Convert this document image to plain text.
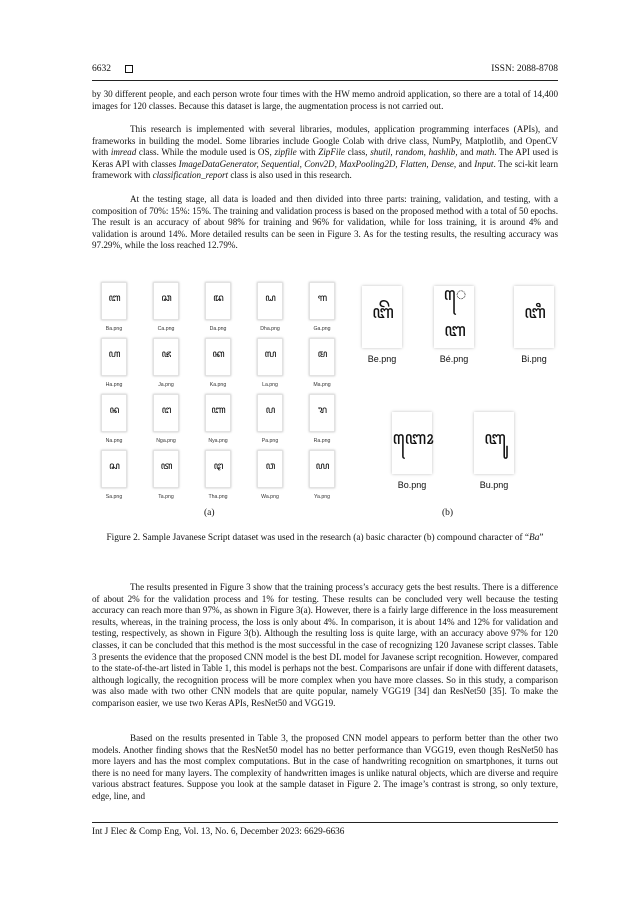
6632	ISSN: 2088-8708

by 30 different people, and each person wrote four times with the HW memo android application, so there are a total of 14,400 images for 120 classes. Because this dataset is large, the augmentation process is not carried out.

This research is implemented with several libraries, modules, application programming interfaces (APIs), and frameworks in building the model. Some libraries include Google Colab with drive class, NumPy, Matplotlib, and OpenCV with imread class. While the module used is OS, zipfile with ZipFile class, shutil, random, hashlib, and math. The API used is Keras API with classes ImageDataGenerator, Sequential, Conv2D, MaxPooling2D, Flatten, Dense, and Input. The sci-kit learn framework with classification_report class is also used in this research.

At the testing stage, all data is loaded and then divided into three parts: training, validation, and testing, with a composition of 70%: 15%: 15%. The training and validation process is based on the proposed method with a total of 50 epochs. The result is an accuracy of about 98% for training and 96% for validation, while for loss training, it is around 4% and validation is around 14%. More detailed results can be seen in Figure 3. As for the testing results, the resulting accuracy was 97.29%, while the loss reached 12.79%.

ꦧ
Ba.png
ꦕ
Ca.png
ꦢ
Da.png
ꦝ
Dha.png
ꦒ
Ga.png
ꦲ
Ha.png
ꦗ
Ja.png
ꦏ
Ka.png
ꦭ
La.png
ꦩ
Ma.png
ꦤ
Na.png
ꦔ
Nga.png
ꦚ
Nya.png
ꦥ
Pa.png
ꦫ
Ra.png
ꦱ
Sa.png
ꦠ
Ta.png
ꦛ
Tha.png
ꦮ
Wa.png
ꦪ
Ya.png
ꦧꦼ
Be.png
ꦺꦧ
Bé.png
ꦧꦶ
Bi.png
ꦧꦺꦴ
Bo.png
ꦧꦸ
Bu.png
(a)	(b)

Figure 2. Sample Javanese Script dataset was used in the research (a) basic character (b) compound character of “Ba”

The results presented in Figure 3 show that the training process’s accuracy gets the best results. There is a difference of about 2% for the validation process and 1% for testing. These results can be concluded very well because the testing accuracy can reach more than 97%, as shown in Figure 3(a). However, there is a fairly large difference in the loss measurement results, whereas, in the training process, the loss is only about 4%. In comparison, it is about 14% and 12% for validation and testing, respectively, as shown in Figure 3(b). Although the resulting loss is quite large, with an accuracy above 97% for 120 classes, it can be concluded that this method is the most successful in the case of recognizing 120 Javanese script classes. Table 3 presents the evidence that the proposed CNN model is the best DL model for Javanese script recognition. However, compared to the state-of-the-art listed in Table 1, this model is perhaps not the best. Comparisons are unfair if done with different datasets, although logically, the recognition process will be more complex when you have more classes. So in this study, a comparison was also made with two other CNN models that are quite popular, namely VGG19 [34] dan ResNet50 [35]. To make the comparison easier, we use two Keras APIs, ResNet50 and VGG19.

Based on the results presented in Table 3, the proposed CNN model appears to perform better than the other two models. Another finding shows that the ResNet50 model has no better performance than VGG19, even though ResNet50 has more layers and has the most complex computations. But in the case of handwriting recognition on smartphones, it turns out there is no need for many layers. The complexity of handwritten images is unlike natural objects, which are diverse and require various abstract features. Suppose you look at the sample dataset in Figure 2. The image’s contrast is strong, so only texture, edge, line, and

Int J Elec & Comp Eng, Vol. 13, No. 6, December 2023: 6629-6636
